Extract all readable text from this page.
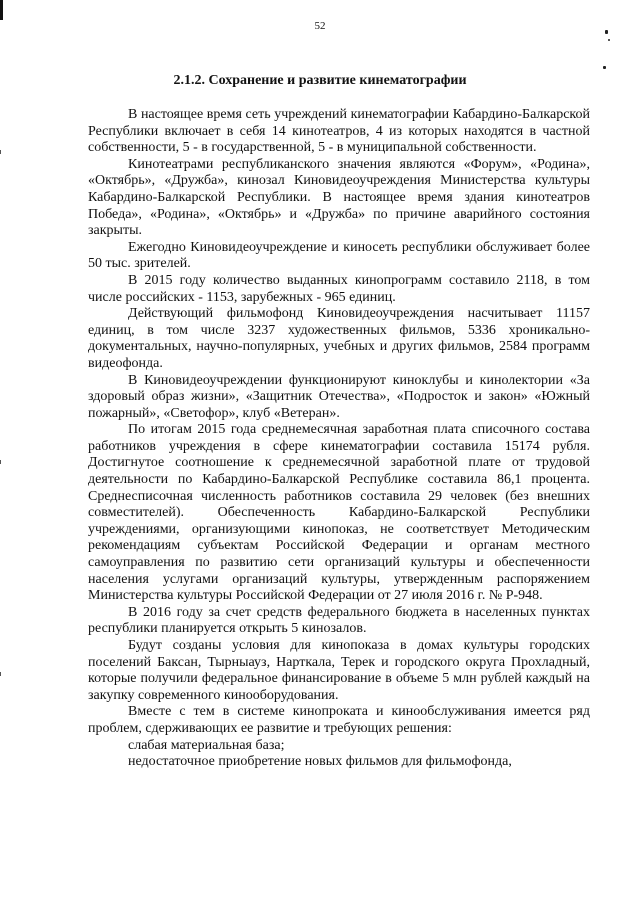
52
2.1.2. Сохранение и развитие кинематографии

В настоящее время сеть учреждений кинематографии Кабардино-Балкарской Республики включает в себя 14 кинотеатров, 4 из которых находятся в частной собственности, 5 - в государственной, 5 - в муниципальной собственности.

Кинотеатрами республиканского значения являются «Форум», «Родина», «Октябрь», «Дружба», кинозал Киновидеоучреждения Министерства культуры Кабардино-Балкарской Республики. В настоящее время здания кинотеатров Победа», «Родина», «Октябрь» и «Дружба» по причине аварийного состояния закрыты.

Ежегодно Киновидеоучреждение и киносеть республики обслуживает более 50 тыс. зрителей.

В 2015 году количество выданных кинопрограмм составило 2118, в том числе российских - 1153, зарубежных - 965 единиц.

Действующий фильмофонд Киновидеоучреждения насчитывает 11157 единиц, в том числе 3237 художественных фильмов, 5336 хроникально-документальных, научно-популярных, учебных и других фильмов, 2584 программ видеофонда.

В Киновидеоучреждении функционируют киноклубы и кинолектории «За здоровый образ жизни», «Защитник Отечества», «Подросток и закон» «Южный пожарный», «Светофор», клуб «Ветеран».

По итогам 2015 года среднемесячная заработная плата списочного состава работников учреждения в сфере кинематографии составила 15174 рубля. Достигнутое соотношение к среднемесячной заработной плате от трудовой деятельности по Кабардино-Балкарской Республике составила 86,1 процента. Среднесписочная численность работников составила 29 человек (без внешних совместителей). Обеспеченность Кабардино-Балкарской Республики учреждениями, организующими кинопоказ, не соответствует Методическим рекомендациям субъектам Российской Федерации и органам местного самоуправления по развитию сети организаций культуры и обеспеченности населения услугами организаций культуры, утвержденным распоряжением Министерства культуры Российской Федерации от 27 июля 2016 г. № Р-948.

В 2016 году за счет средств федерального бюджета в населенных пунктах республики планируется открыть 5 кинозалов.

Будут созданы условия для кинопоказа в домах культуры городских поселений Баксан, Тырныауз, Нарткала, Терек и городского округа Прохладный, которые получили федеральное финансирование в объеме 5 млн рублей каждый на закупку современного кинооборудования.

Вместе с тем в системе кинопроката и кинообслуживания имеется ряд проблем, сдерживающих ее развитие и требующих решения:

слабая материальная база;

недостаточное приобретение новых фильмов для фильмофонда,
